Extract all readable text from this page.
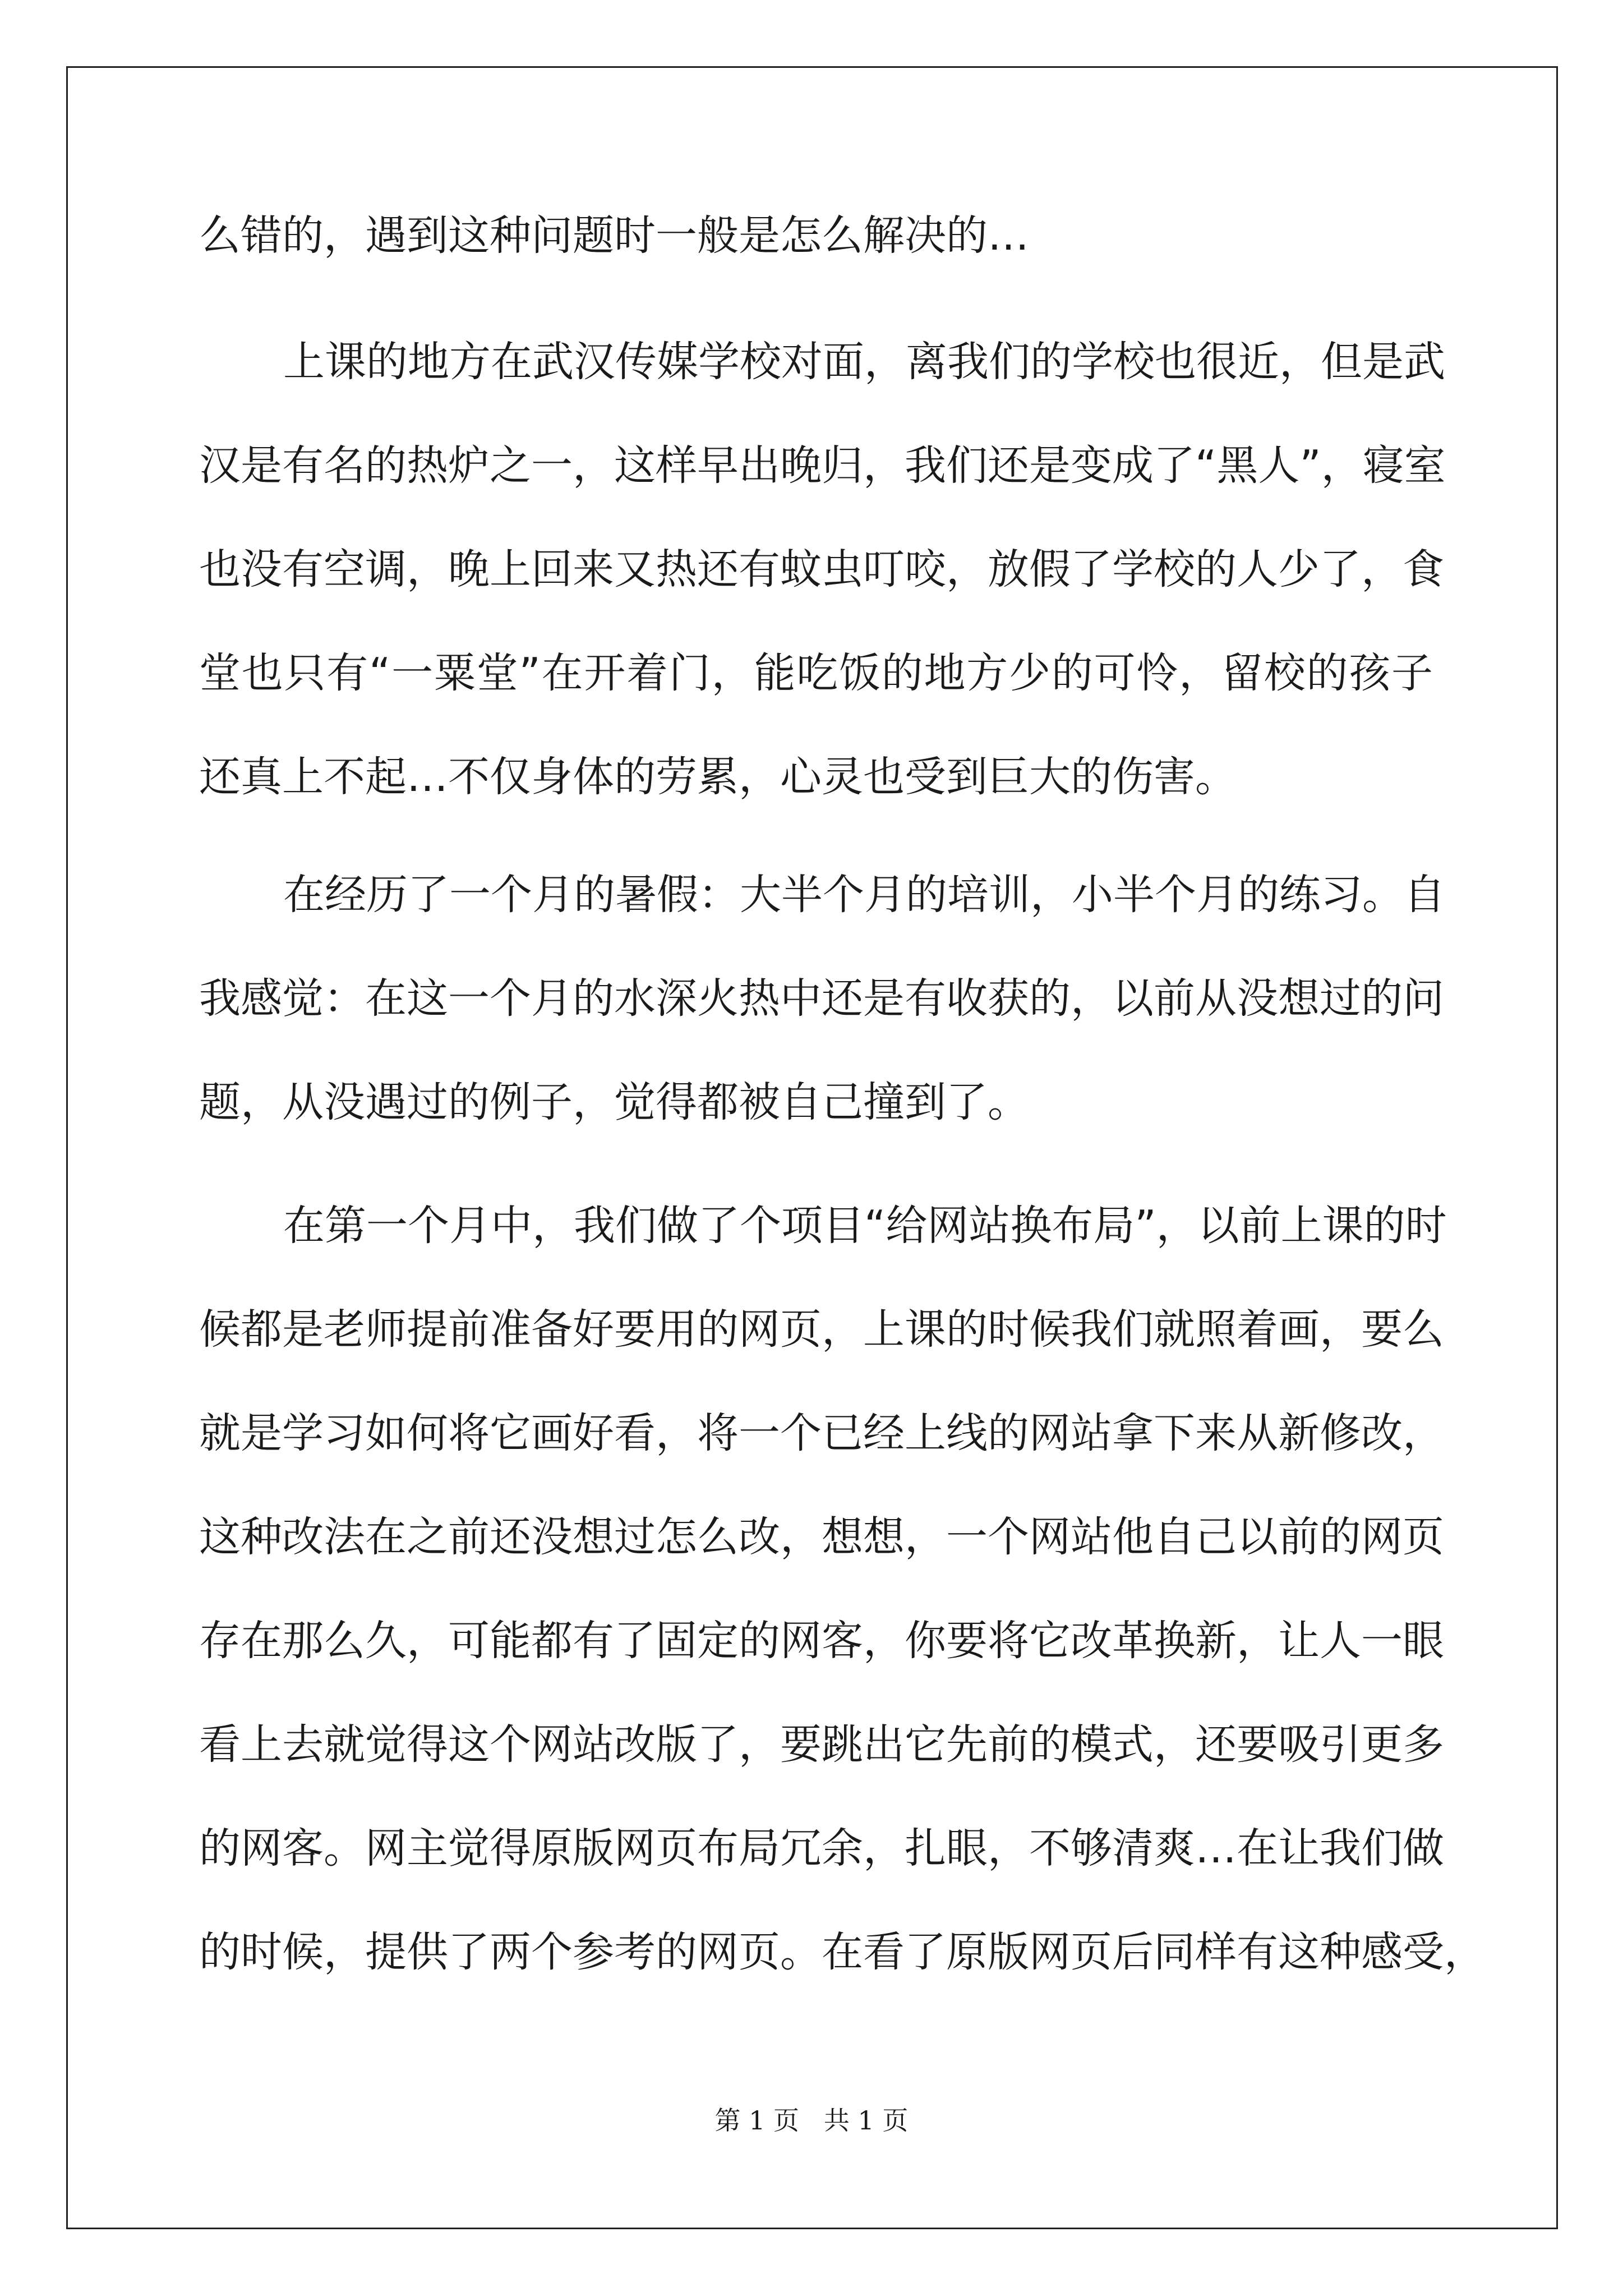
么错的，遇到这种问题时一般是怎么解决的…
上课的地方在武汉传媒学校对面，离我们的学校也很近，但是武
汉是有名的热炉之一，这样早出晚归，我们还是变成了“黑人”，寝室
也没有空调，晚上回来又热还有蚊虫叮咬，放假了学校的人少了，食
堂也只有“一粟堂”在开着门，能吃饭的地方少的可怜，留校的孩子
还真上不起…不仅身体的劳累，心灵也受到巨大的伤害。
在经历了一个月的暑假：大半个月的培训，小半个月的练习。自
我感觉：在这一个月的水深火热中还是有收获的，以前从没想过的问
题，从没遇过的例子，觉得都被自己撞到了。
在第一个月中，我们做了个项目“给网站换布局”，以前上课的时
候都是老师提前准备好要用的网页，上课的时候我们就照着画，要么
就是学习如何将它画好看，将一个已经上线的网站拿下来从新修改，
这种改法在之前还没想过怎么改，想想，一个网站他自己以前的网页
存在那么久，可能都有了固定的网客，你要将它改革换新，让人一眼
看上去就觉得这个网站改版了，要跳出它先前的模式，还要吸引更多
的网客。网主觉得原版网页布局冗余，扎眼，不够清爽…在让我们做
的时候，提供了两个参考的网页。在看了原版网页后同样有这种感受，
第 1 页   共 1 页
